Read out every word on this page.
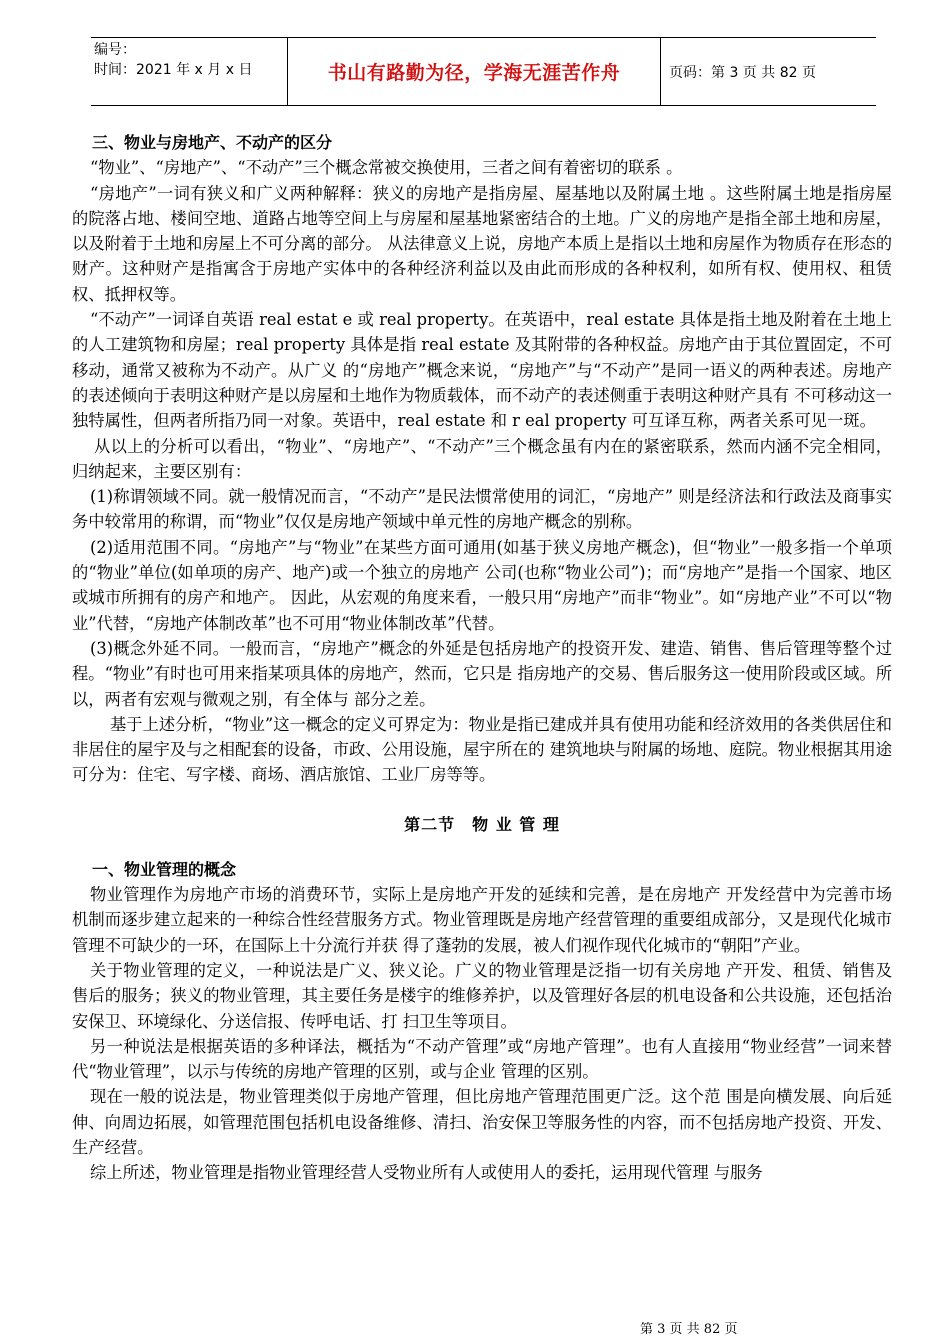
编号：
时间：2021 年 x 月 x 日	书山有路勤为径，学海无涯苦作舟	页码：第 3 页 共 82 页

三、物业与房地产、不动产的区分

“物业”、“房地产”、“不动产”三个概念常被交换使用，三者之间有着密切的联系 。

“房地产”一词有狭义和广义两种解释：狭义的房地产是指房屋、屋基地以及附属土地 。这些附属土地是指房屋的院落占地、楼间空地、道路占地等空间上与房屋和屋基地紧密结合的土地。广义的房地产是指全部土地和房屋，以及附着于土地和房屋上不可分离的部分。 从法律意义上说，房地产本质上是指以土地和房屋作为物质存在形态的财产。这种财产是指寓含于房地产实体中的各种经济利益以及由此而形成的各种权利，如所有权、使用权、租赁 权、抵押权等。

“不动产”一词译自英语 real estat e 或 real property。在英语中，real estate 具体是指土地及附着在土地上的人工建筑物和房屋；real property 具体是指 real estate 及其附带的各种权益。房地产由于其位置固定，不可移动，通常又被称为不动产。从广义 的“房地产”概念来说，“房地产”与“不动产”是同一语义的两种表述。房地产的表述倾向于表明这种财产是以房屋和土地作为物质载体，而不动产的表述侧重于表明这种财产具有 不可移动这一独特属性，但两者所指乃同一对象。英语中，real estate 和 r eal property 可互译互称，两者关系可见一斑。

从以上的分析可以看出，“物业”、“房地产”、“不动产”三个概念虽有内在的紧密联系，然而内涵不完全相同，归纳起来，主要区别有：

(1)称谓领域不同。就一般情况而言，“不动产”是民法惯常使用的词汇，“房地产” 则是经济法和行政法及商事实务中较常用的称谓，而“物业”仅仅是房地产领域中单元性的房地产概念的别称。

(2)适用范围不同。“房地产”与“物业”在某些方面可通用(如基于狭义房地产概念)，但“物业”一般多指一个单项的“物业”单位(如单项的房产、地产)或一个独立的房地产 公司(也称“物业公司”)；而“房地产”是指一个国家、地区或城市所拥有的房产和地产。 因此，从宏观的角度来看，一般只用“房地产”而非“物业”。如“房地产业”不可以“物业”代替，“房地产体制改革”也不可用“物业体制改革”代替。

(3)概念外延不同。一般而言，“房地产”概念的外延是包括房地产的投资开发、建造、销售、售后管理等整个过程。“物业”有时也可用来指某项具体的房地产，然而，它只是 指房地产的交易、售后服务这一使用阶段或区域。所以，两者有宏观与微观之别，有全体与 部分之差。

基于上述分析，“物业”这一概念的定义可界定为：物业是指已建成并具有使用功能和经济效用的各类供居住和非居住的屋宇及与之相配套的设备，市政、公用设施，屋宇所在的 建筑地块与附属的场地、庭院。物业根据其用途可分为：住宅、写字楼、商场、酒店旅馆、工业厂房等等。

第二节　物 业 管 理

一、物业管理的概念

物业管理作为房地产市场的消费环节，实际上是房地产开发的延续和完善，是在房地产 开发经营中为完善市场机制而逐步建立起来的一种综合性经营服务方式。物业管理既是房地产经营管理的重要组成部分，又是现代化城市管理不可缺少的一环，在国际上十分流行并获 得了蓬勃的发展，被人们视作现代化城市的“朝阳”产业。

关于物业管理的定义，一种说法是广义、狭义论。广义的物业管理是泛指一切有关房地 产开发、租赁、销售及售后的服务；狭义的物业管理，其主要任务是楼宇的维修养护，以及管理好各层的机电设备和公共设施，还包括治安保卫、环境绿化、分送信报、传呼电话、打 扫卫生等项目。

另一种说法是根据英语的多种译法，概括为“不动产管理”或“房地产管理”。也有人直接用“物业经营”一词来替代“物业管理”，以示与传统的房地产管理的区别，或与企业 管理的区别。

现在一般的说法是，物业管理类似于房地产管理，但比房地产管理范围更广泛。这个范 围是向横发展、向后延伸、向周边拓展，如管理范围包括机电设备维修、清扫、治安保卫等服务性的内容，而不包括房地产投资、开发、生产经营。

综上所述，物业管理是指物业管理经营人受物业所有人或使用人的委托，运用现代管理 与服务

第 3 页 共 82 页
